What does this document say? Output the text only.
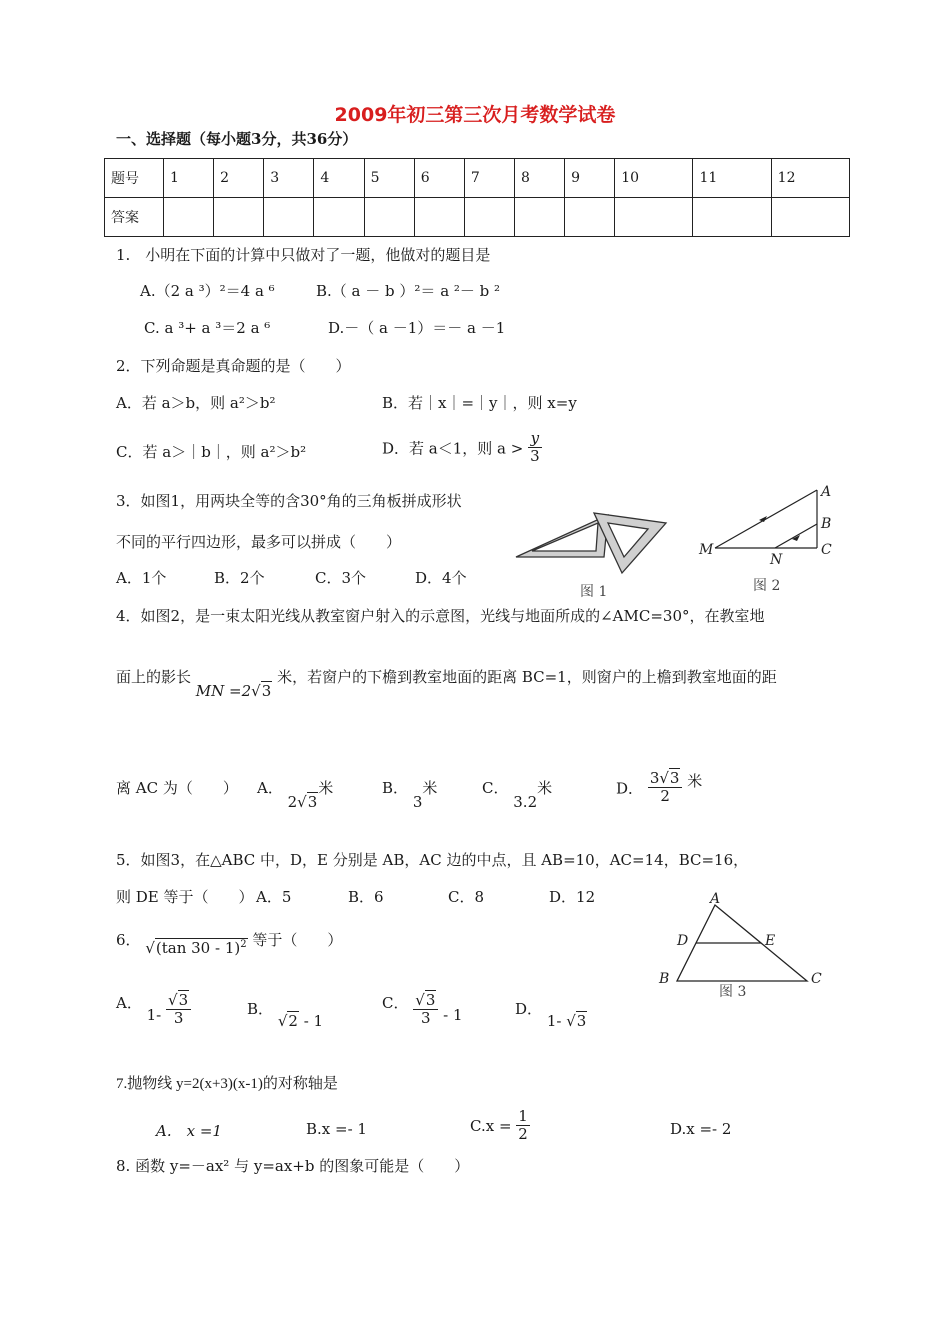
2009年初三第三次月考数学试卷
一、选择题（每小题3分，共36分）
题号	1	2	3	4	5	6	7	8	9	10	11	12
答案												
1.　小明在下面的计算中只做对了一题，他做对的题目是
A.（2 a ³）²＝4 a ⁶	B.（ a － b ）²＝ a ²－ b ²
C. a ³+ a ³＝2 a ⁶	D.－（ a －1）＝－ a －1
2．下列命题是真命题的是（　　）
A．若 a＞b，则 a²＞b²	B．若｜x｜=｜y｜，则 x=y
C．若 a＞｜b｜，则 a²＞b²	D．若 a＜1，则 $a > \frac{y}{3}$
3．如图1，用两块全等的含30°角的三角板拼成形状
不同的平行四边形，最多可以拼成（　　）
A．1个	B．2个	C．3个	D．4个
图 1
A
B
C
M
N
图 2
4．如图2，是一束太阳光线从教室窗户射入的示意图，光线与地面所成的∠AMC=30°，在教室地
面上的影长 MN =2√3 米，若窗户的下檐到教室地面的距离 BC=1，则窗户的上檐到教室地面的距
离 AC 为（　　） A． 2√3米	B． 3米	C． 3.2米	D． $\frac{3√3}{2}$ 米
5．如图3，在△ABC 中，D，E 分别是 AB，AC 边的中点，且 AB=10，AC=14，BC=16，
则 DE 等于（　　） A．5	B．6	C．8	D．12	A
D	E
B	C
图 3
6． √(tan 30 - 1)$^2$ 等于（　　）
A． $1- \frac{√3}{3}$	B． √2 - 1
C． $\frac{√3}{3} - 1$	D． 1- √3
7.抛物线 y=2(x+3)(x-1)的对称轴是
A.　x =1	B.x =- 1	$C.x = \frac{1}{2}$	D.x =- 2
8. 函数 y=－ax² 与 y=ax+b 的图象可能是（　　）
